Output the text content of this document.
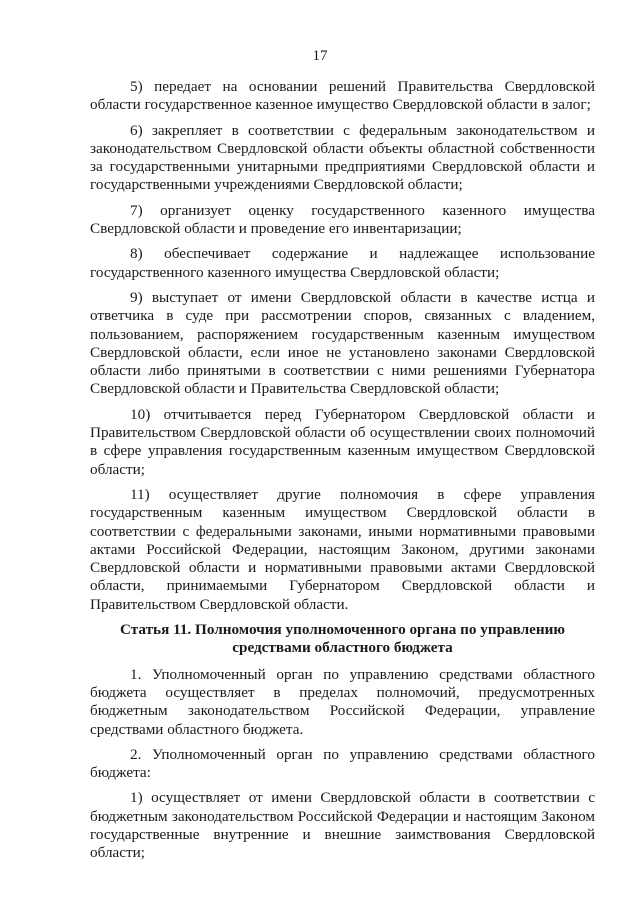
17

5) передает на основании решений Правительства Свердловской области государственное казенное имущество Свердловской области в залог;

6) закрепляет в соответствии с федеральным законодательством и законодательством Свердловской области объекты областной собственности за государственными унитарными предприятиями Свердловской области и государственными учреждениями Свердловской области;

7) организует оценку государственного казенного имущества Свердловской области и проведение его инвентаризации;

8) обеспечивает содержание и надлежащее использование государственного казенного имущества Свердловской области;

9) выступает от имени Свердловской области в качестве истца и ответчика в суде при рассмотрении споров, связанных с владением, пользованием, распоряжением государственным казенным имуществом Свердловской области, если иное не установлено законами Свердловской области либо принятыми в соответствии с ними решениями Губернатора Свердловской области и Правительства Свердловской области;

10) отчитывается перед Губернатором Свердловской области и Правительством Свердловской области об осуществлении своих полномочий в сфере управления государственным казенным имуществом Свердловской области;

11) осуществляет другие полномочия в сфере управления государственным казенным имуществом Свердловской области в соответствии с федеральными законами, иными нормативными правовыми актами Российской Федерации, настоящим Законом, другими законами Свердловской области и нормативными правовыми актами Свердловской области, принимаемыми Губернатором Свердловской области и Правительством Свердловской области.

Статья 11. Полномочия уполномоченного органа по управлению
средствами областного бюджета

1. Уполномоченный орган по управлению средствами областного бюджета осуществляет в пределах полномочий, предусмотренных бюджетным законодательством Российской Федерации, управление средствами областного бюджета.

2. Уполномоченный орган по управлению средствами областного бюджета:

1) осуществляет от имени Свердловской области в соответствии с бюджетным законодательством Российской Федерации и настоящим Законом государственные внутренние и внешние заимствования Свердловской области;
